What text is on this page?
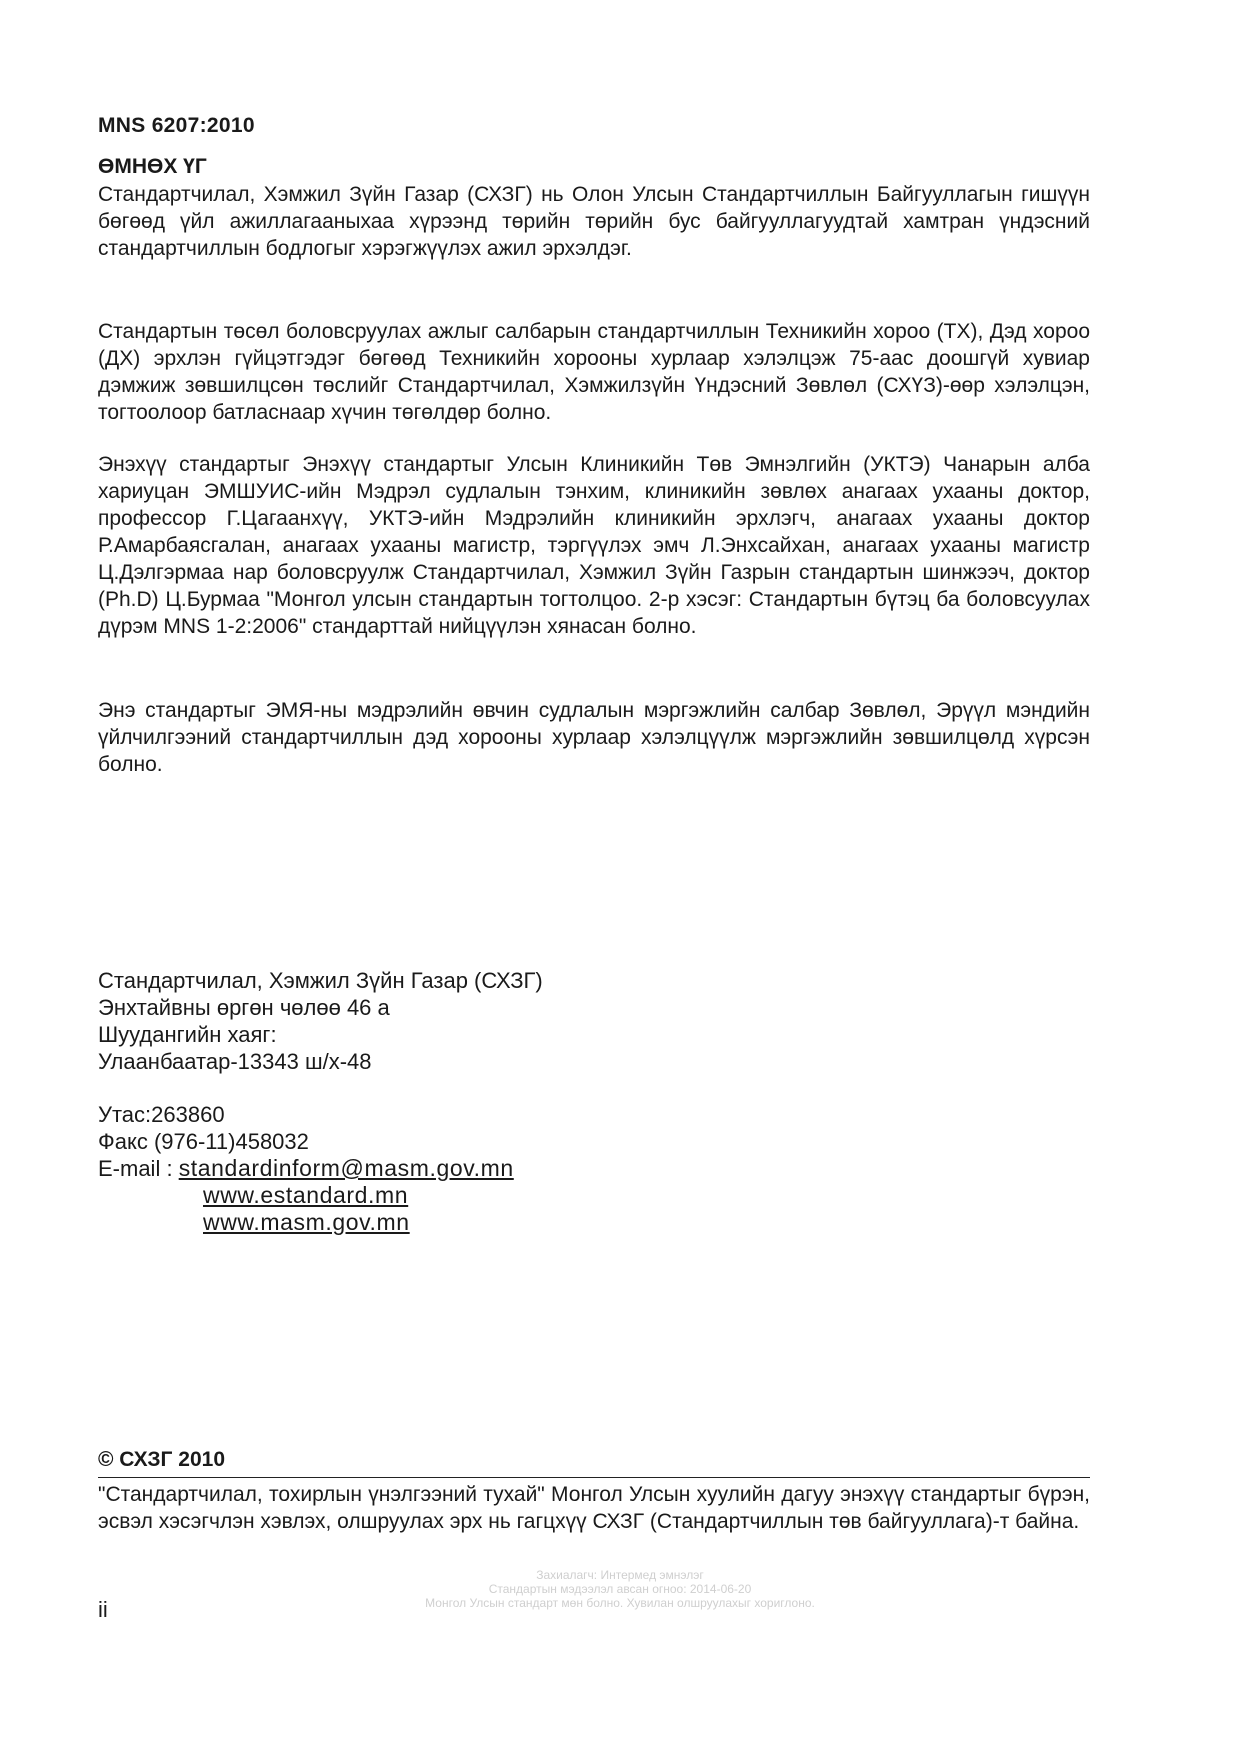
MNS 6207:2010
ӨМНӨХ ҮГ

Стандартчилал, Хэмжил Зүйн Газар (СХЗГ) нь Олон Улсын Стандартчиллын Байгууллагын гишүүн бөгөөд үйл ажиллагааныхаа хүрээнд төрийн төрийн бус байгууллагуудтай хамтран үндэсний стандартчиллын бодлогыг хэрэгжүүлэх ажил эрхэлдэг.

Стандартын төсөл боловсруулах ажлыг салбарын стандартчиллын Техникийн хороо (ТХ), Дэд хороо (ДХ) эрхлэн гүйцэтгэдэг бөгөөд Техникийн хорооны хурлаар хэлэлцэж 75-аас доошгүй хувиар дэмжиж зөвшилцсөн төслийг Стандартчилал, Хэмжилзүйн Үндэсний Зөвлөл (СХҮЗ)-өөр хэлэлцэн, тогтоолоор батлаcнаар хүчин төгөлдөр болно.

Энэхүү стандартыг Энэхүү стандартыг Улсын Клиникийн Төв Эмнэлгийн (УКТЭ) Чанарын алба хариуцан ЭМШУИС-ийн Мэдрэл судлалын тэнхим, клиникийн зөвлөх анагаах ухааны доктор, профессор Г.Цагаанхүү, УКТЭ-ийн Мэдрэлийн клиникийн эрхлэгч, анагаах ухааны доктор Р.Амарбаясгалан, анагаах ухааны магистр, тэргүүлэх эмч Л.Энхсайхан, анагаах ухааны магистр Ц.Дэлгэрмаа нар боловсруулж Стандартчилал, Хэмжил Зүйн Газрын стандартын шинжээч, доктор (Ph.D) Ц.Бурмаа "Монгол улсын стандартын тогтолцоо. 2-р хэсэг: Стандартын бүтэц ба боловсуулах дүрэм MNS 1-2:2006" стандарттай нийцүүлэн хянасан болно.

Энэ стандартыг ЭМЯ-ны мэдрэлийн өвчин судлалын мэргэжлийн салбар Зөвлөл, Эрүүл мэндийн үйлчилгээний стандартчиллын дэд хорооны хурлаар хэлэлцүүлж мэргэжлийн зөвшилцөлд хүрсэн болно.

Стандартчилал, Хэмжил Зүйн Газар (СХЗГ)
Энхтайвны өргөн чөлөө 46 а
Шуудангийн хаяг:
Улаанбаатар-13343 ш/х-48
Утас:263860
Факс (976-11)458032
E-mail : standardinform@masm.gov.mn
www.estandard.mn
www.masm.gov.mn
© СХЗГ 2010

"Стандартчилал, тохирлын үнэлгээний тухай" Монгол Улсын хуулийн дагуу энэхүү стандартыг бүрэн, эсвэл хэсэгчлэн хэвлэх, олшруулах эрх нь гагцхүү СХЗГ (Стандартчиллын төв байгууллага)-т байна.

Захиалагч: Интермед эмнэлэг
Стандартын мэдээлэл авсан огноо: 2014-06-20
Монгол Улсын стандарт мөн болно. Хувилан олшруулахыг хориглоно.
ii
